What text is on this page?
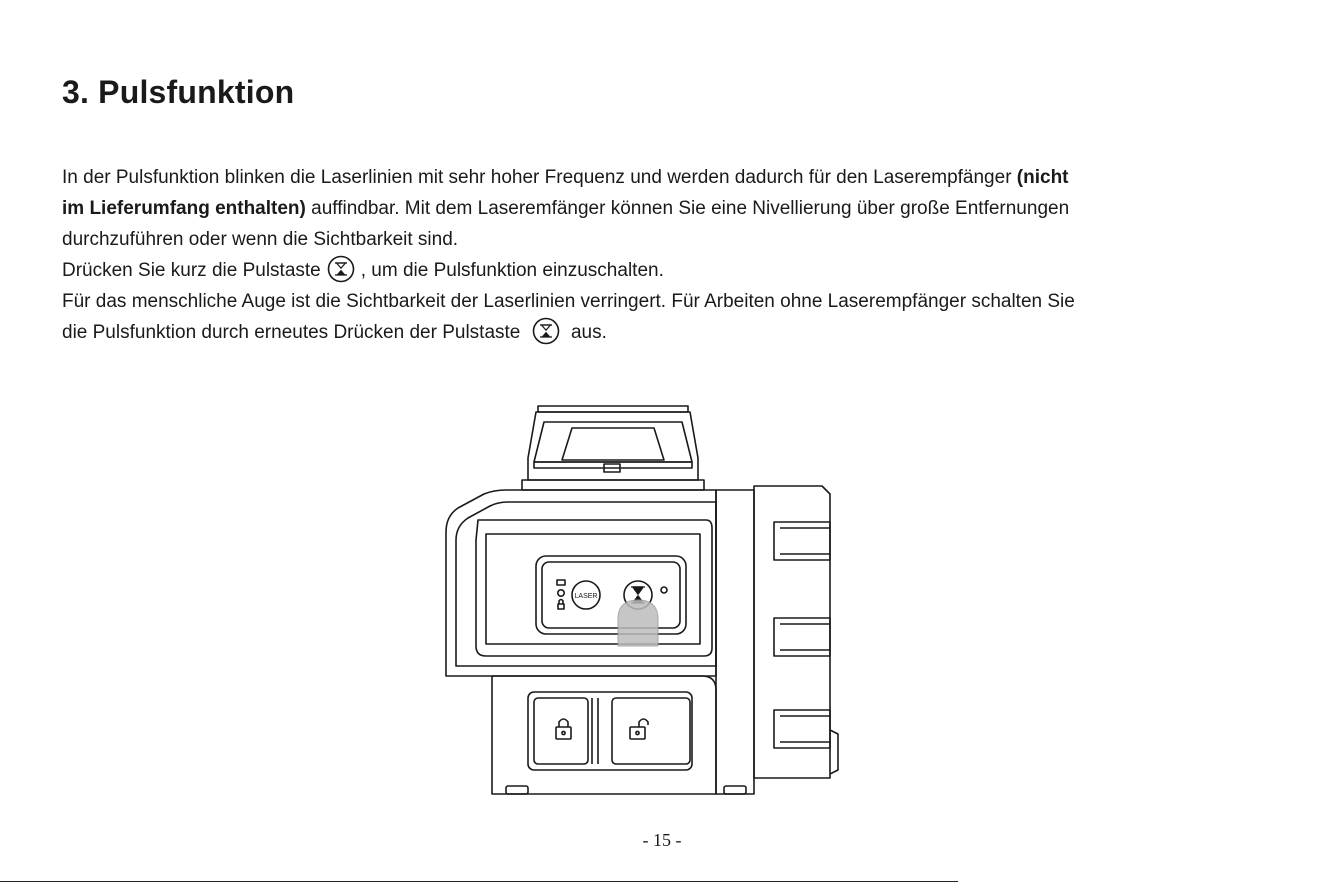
3. Pulsfunktion
In der Pulsfunktion blinken die Laserlinien mit sehr hoher Frequenz und werden dadurch für den Laserempfänger (nicht
im Lieferumfang enthalten) auffindbar. Mit dem Laseremfänger können Sie eine Nivellierung über große Entfernungen
durchzuführen oder wenn die Sichtbarkeit sind.
Drücken Sie kurz die Pulstaste , um die Pulsfunktion einzuschalten.
Für das menschliche Auge ist die Sichtbarkeit der Laserlinien verringert. Für Arbeiten ohne Laserempfänger schalten Sie
die Pulsfunktion durch erneutes Drücken der Pulstaste	aus.
LASER
- 15 -
